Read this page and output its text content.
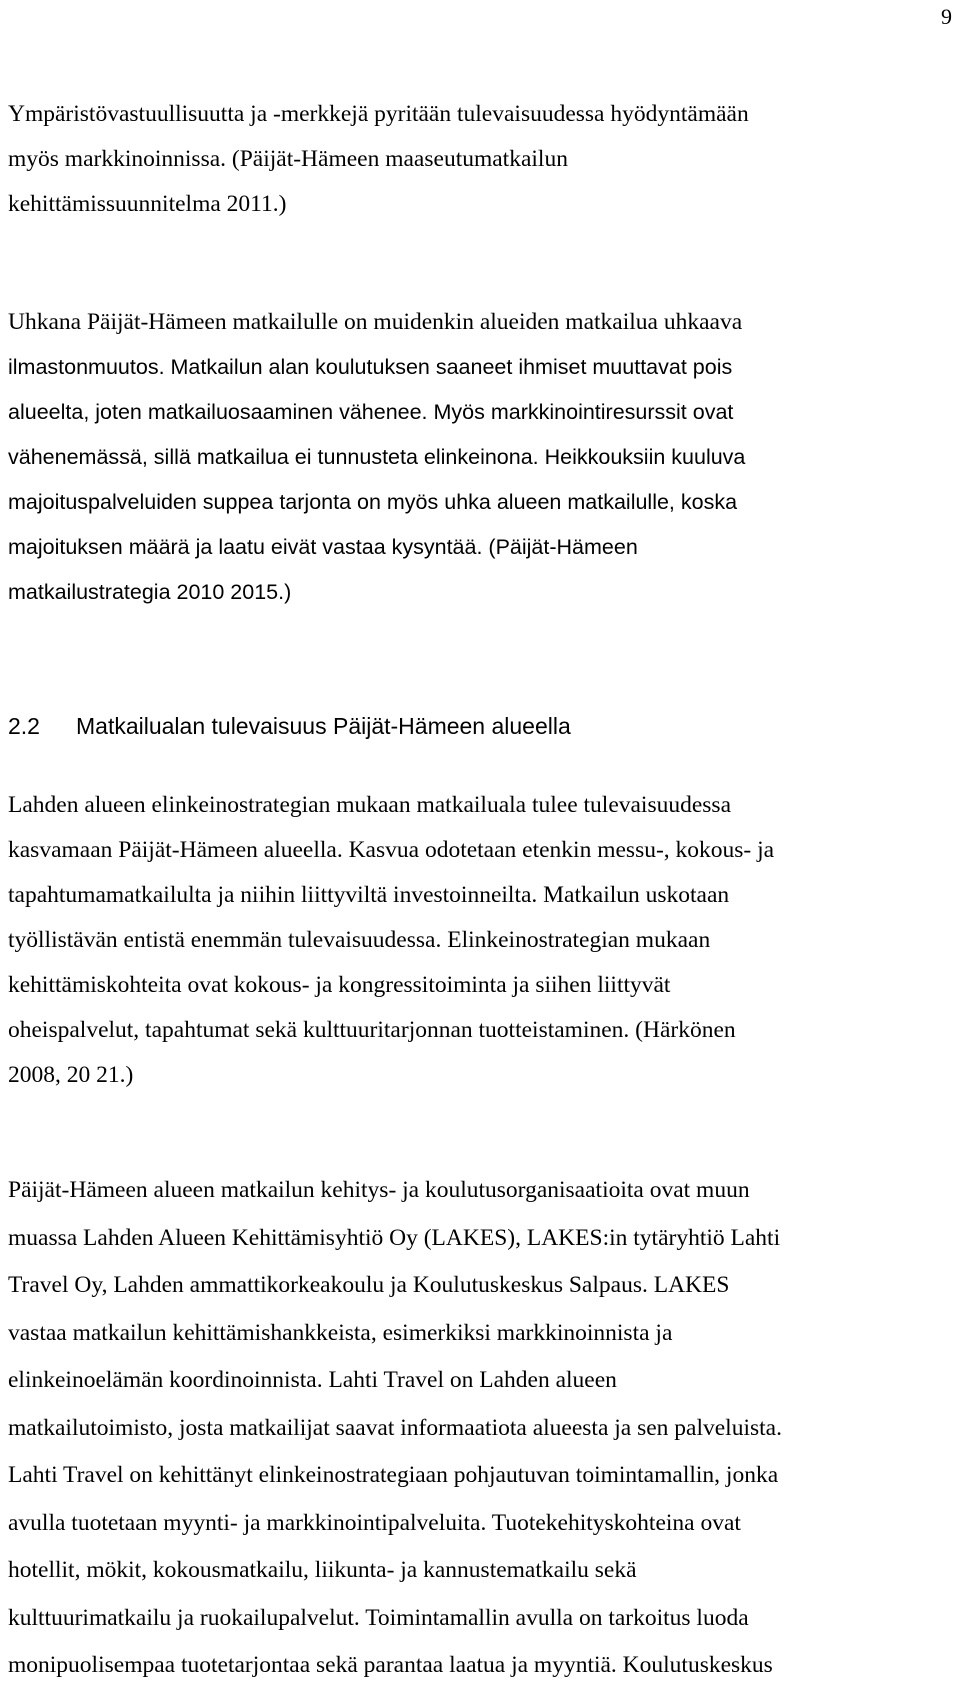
9

Ympäristövastuullisuutta ja -merkkejä pyritään tulevaisuudessa hyödyntämään
myös markkinoinnissa. (Päijät-Hämeen maaseutumatkailun
kehittämissuunnitelma 2011.)

Uhkana Päijät-Hämeen matkailulle on muidenkin alueiden matkailua uhkaava
ilmastonmuutos. Matkailun alan koulutuksen saaneet ihmiset muuttavat pois
alueelta, joten matkailuosaaminen vähenee. Myös markkinointiresurssit ovat
vähenemässä, sillä matkailua ei tunnusteta elinkeinona. Heikkouksiin kuuluva
majoituspalveluiden suppea tarjonta on myös uhka alueen matkailulle, koska
majoituksen määrä ja laatu eivät vastaa kysyntää. (Päijät-Hämeen
matkailustrategia 2010 2015.)

2.2 Matkailualan tulevaisuus Päijät-Hämeen alueella

Lahden alueen elinkeinostrategian mukaan matkailuala tulee tulevaisuudessa
kasvamaan Päijät-Hämeen alueella. Kasvua odotetaan etenkin messu-, kokous- ja
tapahtumamatkailulta ja niihin liittyviltä investoinneilta. Matkailun uskotaan
työllistävän entistä enemmän tulevaisuudessa. Elinkeinostrategian mukaan
kehittämiskohteita ovat kokous- ja kongressitoiminta ja siihen liittyvät
oheispalvelut, tapahtumat sekä kulttuuritarjonnan tuotteistaminen. (Härkönen
2008, 20 21.)

Päijät-Hämeen alueen matkailun kehitys- ja koulutusorganisaatioita ovat muun
muassa Lahden Alueen Kehittämisyhtiö Oy (LAKES), LAKES:in tytäryhtiö Lahti
Travel Oy, Lahden ammattikorkeakoulu ja Koulutuskeskus Salpaus. LAKES
vastaa matkailun kehittämishankkeista, esimerkiksi markkinoinnista ja
elinkeinoelämän koordinoinnista. Lahti Travel on Lahden alueen
matkailutoimisto, josta matkailijat saavat informaatiota alueesta ja sen palveluista.
Lahti Travel on kehittänyt elinkeinostrategiaan pohjautuvan toimintamallin, jonka
avulla tuotetaan myynti- ja markkinointipalveluita. Tuotekehityskohteina ovat
hotellit, mökit, kokousmatkailu, liikunta- ja kannustematkailu sekä
kulttuurimatkailu ja ruokailupalvelut. Toimintamallin avulla on tarkoitus luoda
monipuolisempaa tuotetarjontaa sekä parantaa laatua ja myyntiä. Koulutuskeskus
